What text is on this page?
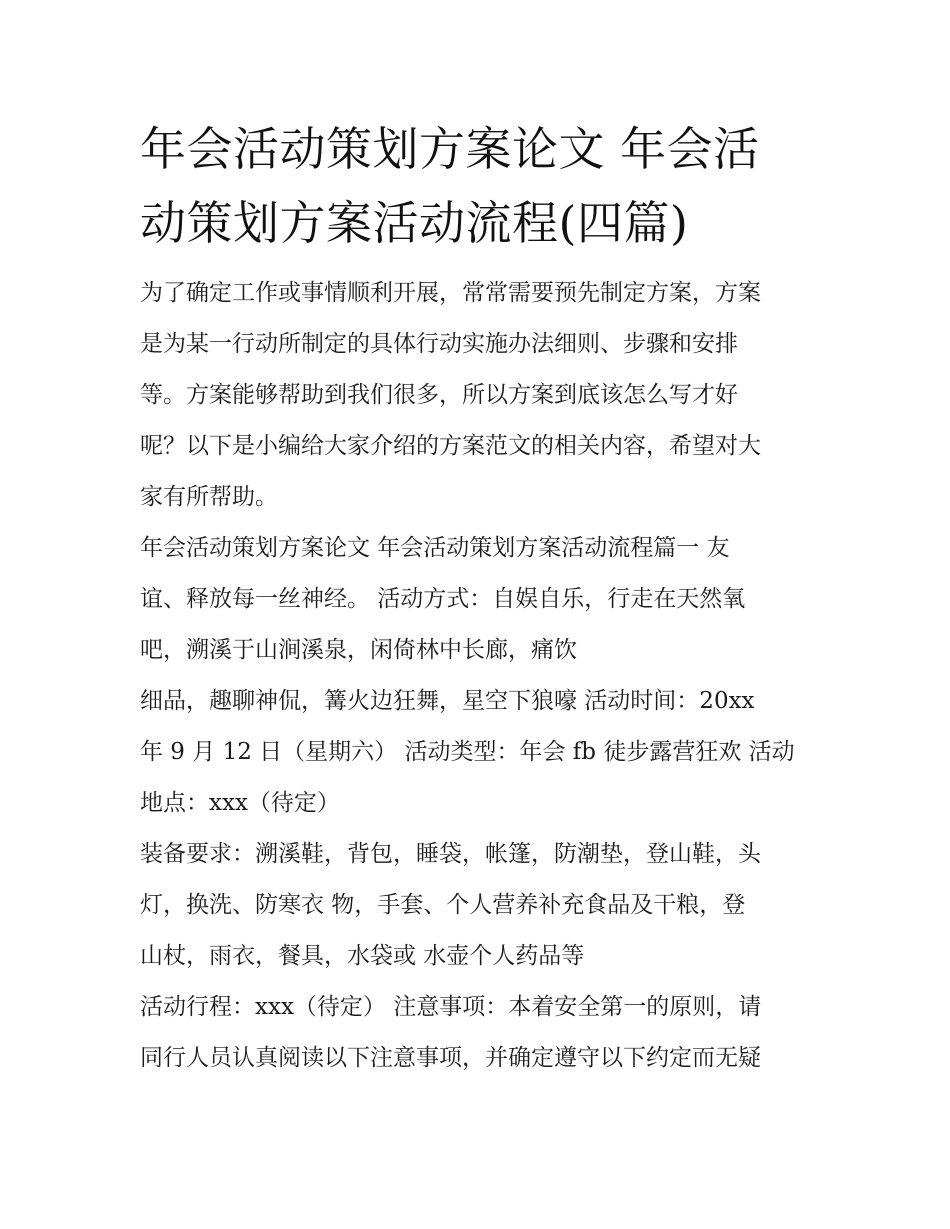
年会活动策划方案论文 年会活
动策划方案活动流程(四篇)

为了确定工作或事情顺利开展，常常需要预先制定方案，方案
是为某一行动所制定的具体行动实施办法细则、步骤和安排
等。方案能够帮助到我们很多，所以方案到底该怎么写才好
呢？以下是小编给大家介绍的方案范文的相关内容，希望对大
家有所帮助。

年会活动策划方案论文 年会活动策划方案活动流程篇一 友
谊、释放每一丝神经。 活动方式：自娱自乐，行走在天然氧
吧，溯溪于山涧溪泉，闲倚林中长廊，痛饮
细品，趣聊神侃，篝火边狂舞，星空下狼嚎 活动时间：20xx
年 9 月 12 日（星期六） 活动类型：年会 fb 徒步露营狂欢 活动
地点：xxx（待定）

装备要求：溯溪鞋，背包，睡袋，帐篷，防潮垫，登山鞋，头
灯，换洗、防寒衣 物，手套、个人营养补充食品及干粮，登
山杖，雨衣，餐具，水袋或 水壶个人药品等

活动行程：xxx（待定） 注意事项：本着安全第一的原则，请
同行人员认真阅读以下注意事项，并确定遵守以下约定而无疑
